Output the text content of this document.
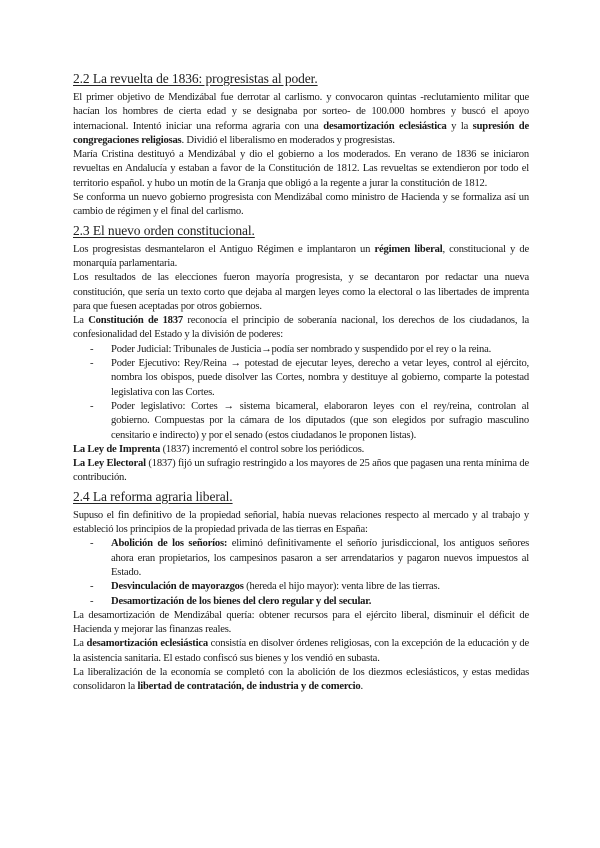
2.2 La revuelta de 1836: progresistas al poder.

El primer objetivo de Mendizábal fue derrotar al carlismo. y convocaron quintas -reclutamiento militar que hacían los hombres de cierta edad y se designaba por sorteo- de 100.000 hombres y buscó el apoyo internacional. Intentó iniciar una reforma agraria con una desamortización eclesiástica y la supresión de congregaciones religiosas. Dividió el liberalismo en moderados y progresistas.

María Cristina destituyó a Mendizábal y dio el gobierno a los moderados. En verano de 1836 se iniciaron revueltas en Andalucía y estaban a favor de la Constitución de 1812. Las revueltas se extendieron por todo el territorio español. y hubo un motín de la Granja que obligó a la regente a jurar la constitución de 1812.

Se conforma un nuevo gobierno progresista con Mendizábal como ministro de Hacienda y se formaliza así un cambio de régimen y el final del carlismo.

2.3 El nuevo orden constitucional.

Los progresistas desmantelaron el Antiguo Régimen e implantaron un régimen liberal, constitucional y de monarquía parlamentaria.

Los resultados de las elecciones fueron mayoría progresista, y se decantaron por redactar una nueva constitución, que sería un texto corto que dejaba al margen leyes como la electoral o las libertades de imprenta para que fuesen aceptadas por otros gobiernos.

La Constitución de 1837 reconocía el principio de soberanía nacional, los derechos de los ciudadanos, la confesionalidad del Estado y la división de poderes:

- Poder Judicial: Tribunales de Justicia→podía ser nombrado y suspendido por el rey o la reina.
- Poder Ejecutivo: Rey/Reina → potestad de ejecutar leyes, derecho a vetar leyes, control al ejército, nombra los obispos, puede disolver las Cortes, nombra y destituye al gobierno, comparte la potestad legislativa con las Cortes.
- Poder legislativo: Cortes → sistema bicameral, elaboraron leyes con el rey/reina, controlan al gobierno. Compuestas por la cámara de los diputados (que son elegidos por sufragio masculino censitario e indirecto) y por el senado (estos ciudadanos le proponen listas).

La Ley de Imprenta (1837) incrementó el control sobre los periódicos.

La Ley Electoral (1837) fijó un sufragio restringido a los mayores de 25 años que pagasen una renta mínima de contribución.

2.4 La reforma agraria liberal.

Supuso el fin definitivo de la propiedad señorial, había nuevas relaciones respecto al mercado y al trabajo y estableció los principios de la propiedad privada de las tierras en España:

- Abolición de los señoríos: eliminó definitivamente el señorío jurisdiccional, los antiguos señores ahora eran propietarios, los campesinos pasaron a ser arrendatarios y pagaron nuevos impuestos al Estado.
- Desvinculación de mayorazgos (hereda el hijo mayor): venta libre de las tierras.
- Desamortización de los bienes del clero regular y del secular.

La desamortización de Mendizábal quería: obtener recursos para el ejército liberal, disminuir el déficit de Hacienda y mejorar las finanzas reales.

La desamortización eclesiástica consistía en disolver órdenes religiosas, con la excepción de la educación y de la asistencia sanitaria. El estado confiscó sus bienes y los vendió en subasta.

La liberalización de la economía se completó con la abolición de los diezmos eclesiásticos, y estas medidas consolidaron la libertad de contratación, de industria y de comercio.
